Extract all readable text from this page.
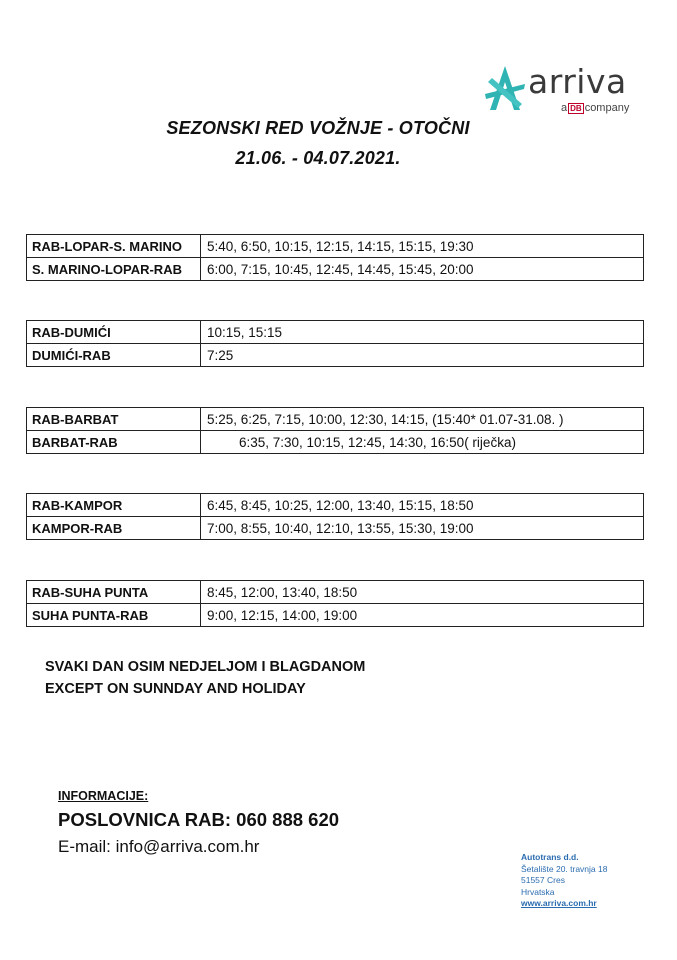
arriva
a DB company
SEZONSKI RED VOŽNJE - OTOČNI
21.06. - 04.07.2021.
RAB-LOPAR-S. MARINO	5:40, 6:50, 10:15, 12:15, 14:15, 15:15, 19:30
S. MARINO-LOPAR-RAB	6:00, 7:15, 10:45, 12:45, 14:45, 15:45, 20:00
RAB-DUMIĆI	10:15, 15:15
DUMIĆI-RAB	7:25
RAB-BARBAT	5:25, 6:25, 7:15, 10:00, 12:30, 14:15, (15:40* 01.07-31.08. )
BARBAT-RAB	6:35, 7:30, 10:15, 12:45, 14:30, 16:50( riječka)
RAB-KAMPOR	6:45, 8:45, 10:25, 12:00, 13:40, 15:15, 18:50
KAMPOR-RAB	7:00, 8:55, 10:40, 12:10, 13:55, 15:30, 19:00
RAB-SUHA PUNTA	8:45, 12:00, 13:40, 18:50
SUHA PUNTA-RAB	9:00, 12:15, 14:00, 19:00
SVAKI DAN OSIM NEDJELJOM I BLAGDANOM
EXCEPT ON SUNNDAY AND HOLIDAY
INFORMACIJE:
POSLOVNICA RAB: 060 888 620
E-mail: info@arriva.com.hr
Autotrans d.d.
Šetalište 20. travnja 18
51557 Cres
Hrvatska
www.arriva.com.hr
